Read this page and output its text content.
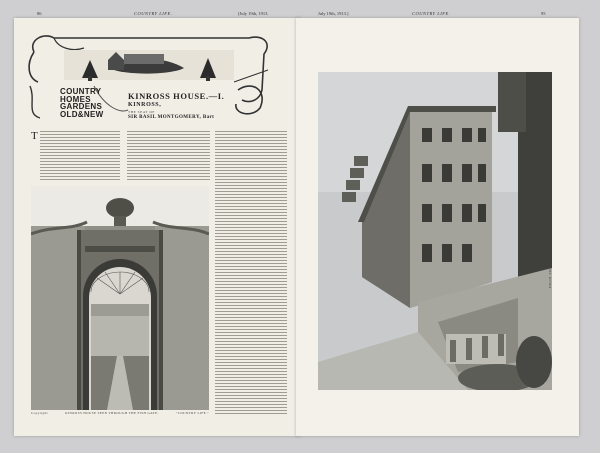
86	COUNTRY LIFE.	[July 19th, 1913.
COUNTRY
HOMES
GARDENS
OLD&NEW
KINROSS HOUSE.—I.
KINROSS,
THE SEAT OF
SIR BASIL MONTGOMERY, Bart
T
Copyright	KINROSS HOUSE SEEN THROUGH THE FISH GATE.	"COUNTRY LIFE."
July 19th, 1913.]	COUNTRY LIFE.	95
FROM THE SOUTH-WEST.
